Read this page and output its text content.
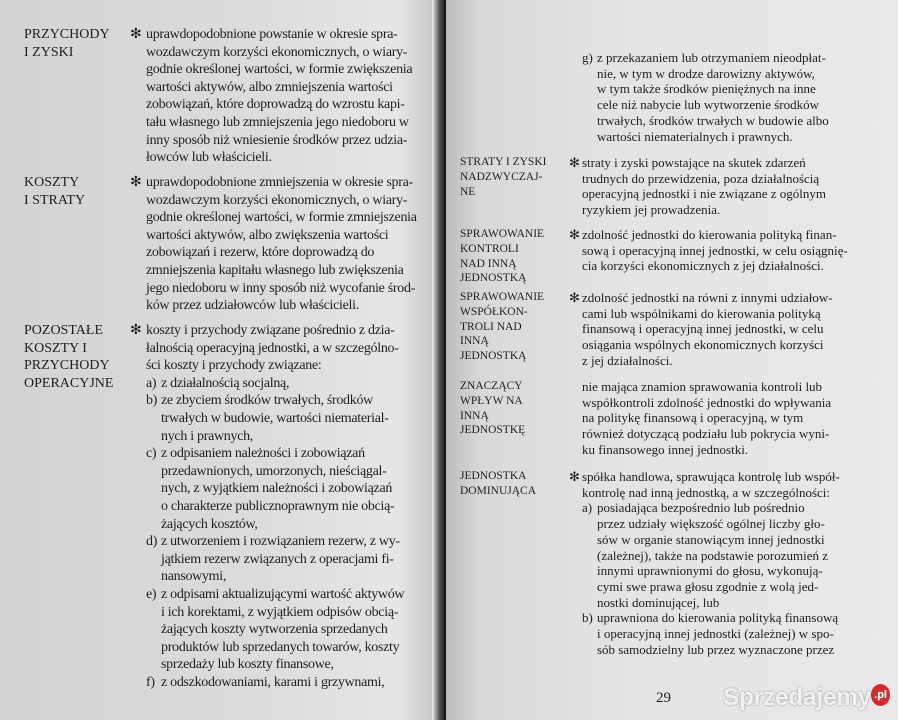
PRZYCHODY
I ZYSKI
✻ uprawdopodobnione powstanie w okresie spra-
wozdawczym korzyści ekonomicznych, o wiary-
godnie określonej wartości, w formie zwiększenia
wartości aktywów, albo zmniejszenia wartości
zobowiązań, które doprowadzą do wzrostu kapi-
tału własnego lub zmniejszenia jego niedoboru w
inny sposób niż wniesienie środków przez udzia-
łowców lub właścicieli.
KOSZTY
I STRATY
✻ uprawdopodobnione zmniejszenia w okresie spra-
wozdawczym korzyści ekonomicznych, o wiary-
godnie określonej wartości, w formie zmniejszenia
wartości aktywów, albo zwiększenia wartości
zobowiązań i rezerw, które doprowadzą do
zmniejszenia kapitału własnego lub zwiększenia
jego niedoboru w inny sposób niż wycofanie środ-
ków przez udziałowców lub właścicieli.
POZOSTAŁE
KOSZTY I
PRZYCHODY
OPERACYJNE
✻ koszty i przychody związane pośrednio z dzia-
łalnością operacyjną jednostki, a w szczególno-
ści koszty i przychody związane:
a) z działalnością socjalną,
b) ze zbyciem środków trwałych, środków
trwałych w budowie, wartości niematerial-
nych i prawnych,
c) z odpisaniem należności i zobowiązań
przedawnionych, umorzonych, nieściągal-
nych, z wyjątkiem należności i zobowiązań
o charakterze publicznoprawnym nie obcią-
żających kosztów,
d) z utworzeniem i rozwiązaniem rezerw, z wy-
jątkiem rezerw związanych z operacjami fi-
nansowymi,
e) z odpisami aktualizującymi wartość aktywów
i ich korektami, z wyjątkiem odpisów obcią-
żających koszty wytworzenia sprzedanych
produktów lub sprzedanych towarów, koszty
sprzedaży lub koszty finansowe,
f) z odszkodowaniami, karami i grzywnami,
29
g) z przekazaniem lub otrzymaniem nieodpłat-
nie, w tym w drodze darowizny aktywów,
w tym także środków pieniężnych na inne
cele niż nabycie lub wytworzenie środków
trwałych, środków trwałych w budowie albo
wartości niematerialnych i prawnych.
STRATY I ZYSKI
NADZWYCZAJ-
NE
✻ straty i zyski powstające na skutek zdarzeń
trudnych do przewidzenia, poza działalnością
operacyjną jednostki i nie związane z ogólnym
ryzykiem jej prowadzenia.
SPRAWOWANIE
KONTROLI
NAD INNĄ
JEDNOSTKĄ
✻ zdolność jednostki do kierowania polityką finan-
sową i operacyjną innej jednostki, w celu osiągnię-
cia korzyści ekonomicznych z jej działalności.
SPRAWOWANIE
WSPÓŁKON-
TROLI NAD
INNĄ
JEDNOSTKĄ
✻ zdolność jednostki na równi z innymi udziałow-
cami lub wspólnikami do kierowania polityką
finansową i operacyjną innej jednostki, w celu
osiągania wspólnych ekonomicznych korzyści
z jej działalności.
ZNACZĄCY
WPŁYW NA
INNĄ
JEDNOSTKĘ
nie mająca znamion sprawowania kontroli lub
współkontroli zdolność jednostki do wpływania
na politykę finansową i operacyjną, w tym
również dotyczącą podziału lub pokrycia wyni-
ku finansowego innej jednostki.
JEDNOSTKA
DOMINUJĄCA
✻ spółka handlowa, sprawująca kontrolę lub współ-
kontrolę nad inną jednostką, a w szczególności:
a) posiadająca bezpośrednio lub pośrednio
przez udziały większość ogólnej liczby gło-
sów w organie stanowiącym innej jednostki
(zależnej), także na podstawie porozumień z
innymi uprawnionymi do głosu, wykonują-
cymi swe prawa głosu zgodnie z wolą jed-
nostki dominującej, lub
b) uprawniona do kierowania polityką finansową
i operacyjną innej jednostki (zależnej) w spo-
sób samodzielny lub przez wyznaczone przez
Sprzedajemy .pl
